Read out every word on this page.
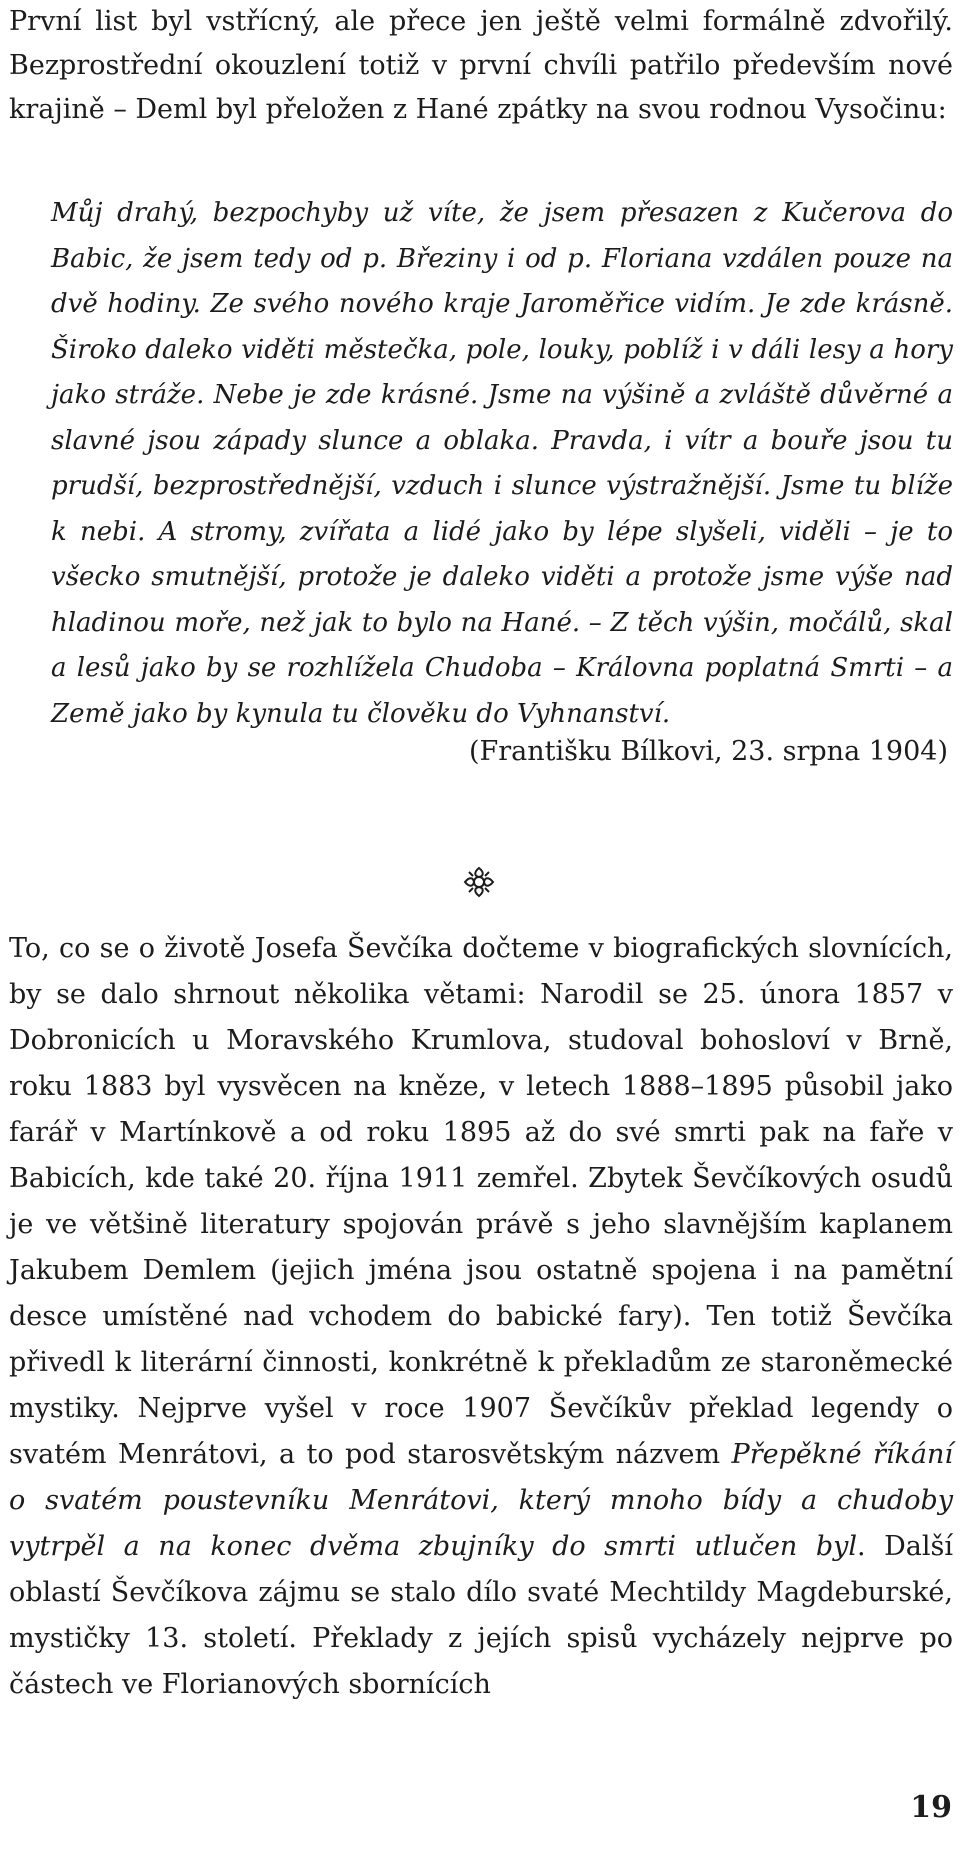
První list byl vstřícný, ale přece jen ještě velmi formálně zdvořilý. Bezprostřední okouzlení totiž v první chvíli patřilo především nové krajině – Deml byl přeložen z Hané zpátky na svou rodnou Vysočinu:

Můj drahý, bezpochyby už víte, že jsem přesazen z Kučerova do Babic, že jsem tedy od p. Březiny i od p. Floriana vzdálen pouze na dvě hodiny. Ze svého nového kraje Jaroměřice vidím. Je zde krásně. Široko daleko viděti městečka, pole, louky, poblíž i v dáli lesy a hory jako stráže. Nebe je zde krásné. Jsme na výšině a zvláště důvěrné a slavné jsou západy slunce a oblaka. Pravda, i vítr a bouře jsou tu prudší, bezprostřednější, vzduch i slunce výstražnější. Jsme tu blíže k nebi. A stromy, zvířata a lidé jako by lépe slyšeli, viděli – je to všecko smutnější, protože je daleko viděti a protože jsme výše nad hladinou moře, než jak to bylo na Hané. – Z těch výšin, močálů, skal a lesů jako by se rozhlížela Chudoba – Královna poplatná Smrti – a Země jako by kynula tu člověku do Vyhnanství.

(Františku Bílkovi, 23. srpna 1904)

To, co se o životě Josefa Ševčíka dočteme v biografických slovnících, by se dalo shrnout několika větami: Narodil se 25. února 1857 v Dobronicích u Moravského Krumlova, studoval bohosloví v Brně, roku 1883 byl vysvěcen na kněze, v letech 1888–1895 působil jako farář v Martínkově a od roku 1895 až do své smrti pak na faře v Babicích, kde také 20. října 1911 zemřel. Zbytek Ševčíkových osudů je ve většině literatury spojován právě s jeho slavnějším kaplanem Jakubem Demlem (jejich jména jsou ostatně spojena i na pamětní desce umístěné nad vchodem do babické fary). Ten totiž Ševčíka přivedl k literární činnosti, konkrétně k překladům ze staroněmecké mystiky. Nejprve vyšel v roce 1907 Ševčíkův překlad legendy o svatém Menrátovi, a to pod starosvětským názvem Přepěkné říkání o svatém poustevníku Menrátovi, který mnoho bídy a chudoby vytrpěl a na konec dvěma zbujníky do smrti utlučen byl. Další oblastí Ševčíkova zájmu se stalo dílo svaté Mechtildy Magdeburské, mystičky 13. století. Překlady z jejích spisů vycházely nejprve po částech ve Florianových sbornících

19
